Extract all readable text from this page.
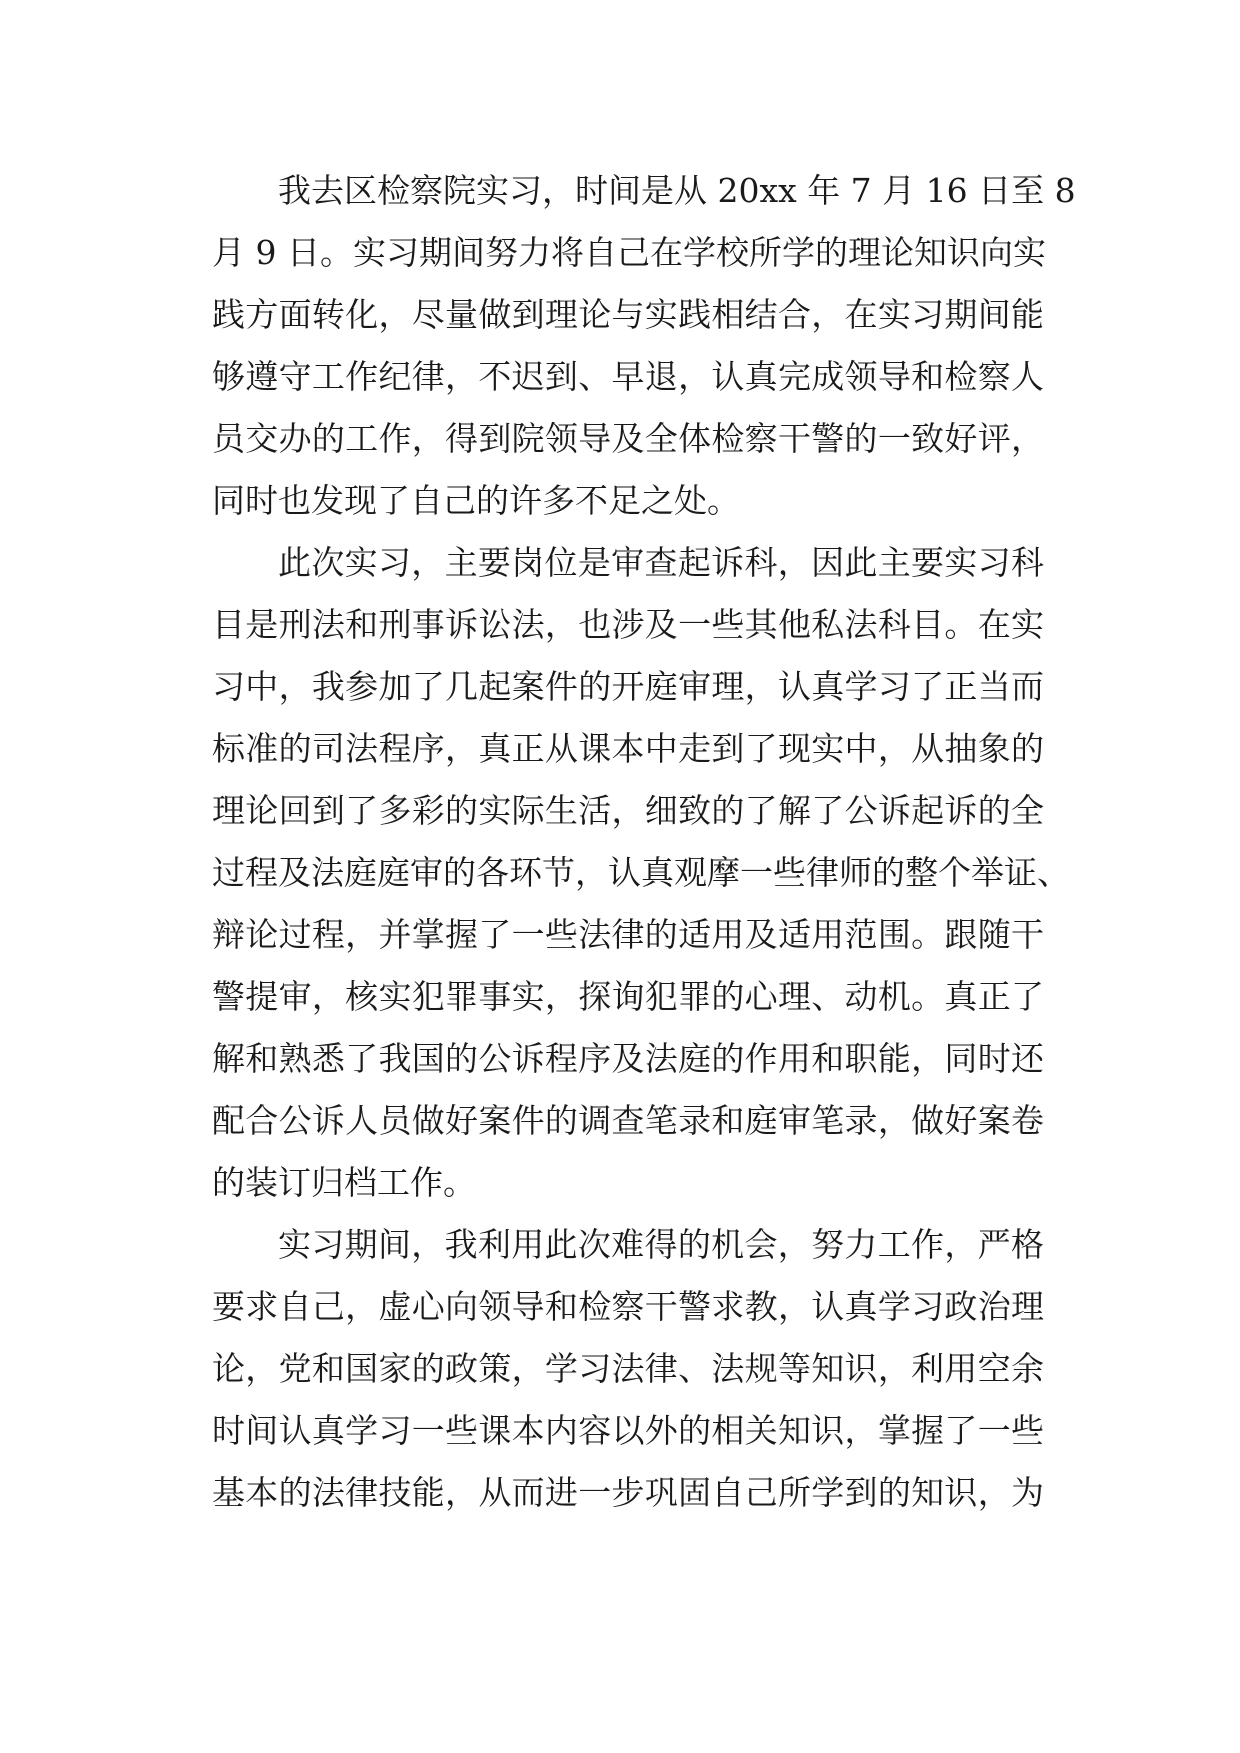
我去区检察院实习，时间是从 20xx 年 7 月 16 日至 8
月 9 日。实习期间努力将自己在学校所学的理论知识向实
践方面转化，尽量做到理论与实践相结合，在实习期间能
够遵守工作纪律，不迟到、早退，认真完成领导和检察人
员交办的工作，得到院领导及全体检察干警的一致好评，
同时也发现了自己的许多不足之处。

此次实习，主要岗位是审查起诉科，因此主要实习科
目是刑法和刑事诉讼法，也涉及一些其他私法科目。在实
习中，我参加了几起案件的开庭审理，认真学习了正当而
标准的司法程序，真正从课本中走到了现实中，从抽象的
理论回到了多彩的实际生活，细致的了解了公诉起诉的全
过程及法庭庭审的各环节，认真观摩一些律师的整个举证、
辩论过程，并掌握了一些法律的适用及适用范围。跟随干
警提审，核实犯罪事实，探询犯罪的心理、动机。真正了
解和熟悉了我国的公诉程序及法庭的作用和职能，同时还
配合公诉人员做好案件的调查笔录和庭审笔录，做好案卷
的装订归档工作。

实习期间，我利用此次难得的机会，努力工作，严格
要求自己，虚心向领导和检察干警求教，认真学习政治理
论，党和国家的政策，学习法律、法规等知识，利用空余
时间认真学习一些课本内容以外的相关知识，掌握了一些
基本的法律技能，从而进一步巩固自己所学到的知识，为
